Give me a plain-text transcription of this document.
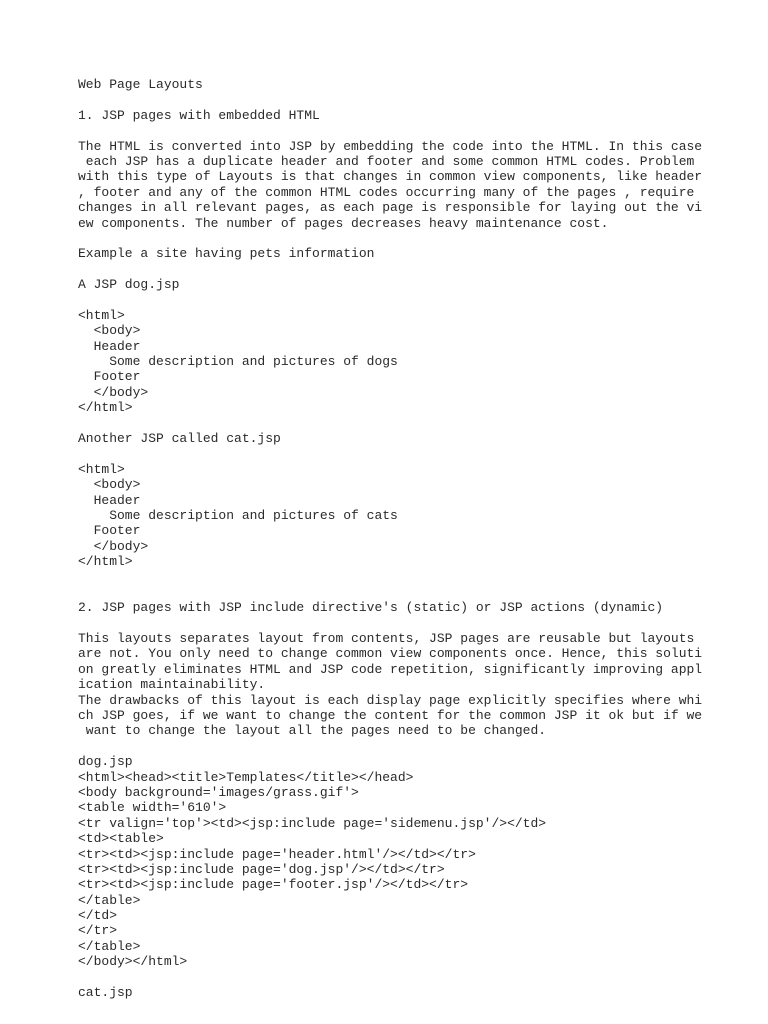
Web Page Layouts
1. JSP pages with embedded HTML
The HTML is converted into JSP by embedding the code into the HTML. In this case
each JSP has a duplicate header and footer and some common HTML codes. Problem
with this type of Layouts is that changes in common view components, like header
, footer and any of the common HTML codes occurring many of the pages , require
changes in all relevant pages, as each page is responsible for laying out the vi
ew components. The number of pages decreases heavy maintenance cost.
Example a site having pets information
A JSP dog.jsp
<html>
<body>
Header
Some description and pictures of dogs
Footer
</body>
</html>
Another JSP called cat.jsp
<html>
<body>
Header
Some description and pictures of cats
Footer
</body>
</html>
2. JSP pages with JSP include directive's (static) or JSP actions (dynamic)
This layouts separates layout from contents, JSP pages are reusable but layouts
are not. You only need to change common view components once. Hence, this soluti
on greatly eliminates HTML and JSP code repetition, significantly improving appl
ication maintainability.
The drawbacks of this layout is each display page explicitly specifies where whi
ch JSP goes, if we want to change the content for the common JSP it ok but if we
want to change the layout all the pages need to be changed.
dog.jsp
<html><head><title>Templates</title></head>
<body background='images/grass.gif'>
<table width='610'>
<tr valign='top'><td><jsp:include page='sidemenu.jsp'/></td>
<td><table>
<tr><td><jsp:include page='header.html'/></td></tr>
<tr><td><jsp:include page='dog.jsp'/></td></tr>
<tr><td><jsp:include page='footer.jsp'/></td></tr>
</table>
</td>
</tr>
</table>
</body></html>
cat.jsp
